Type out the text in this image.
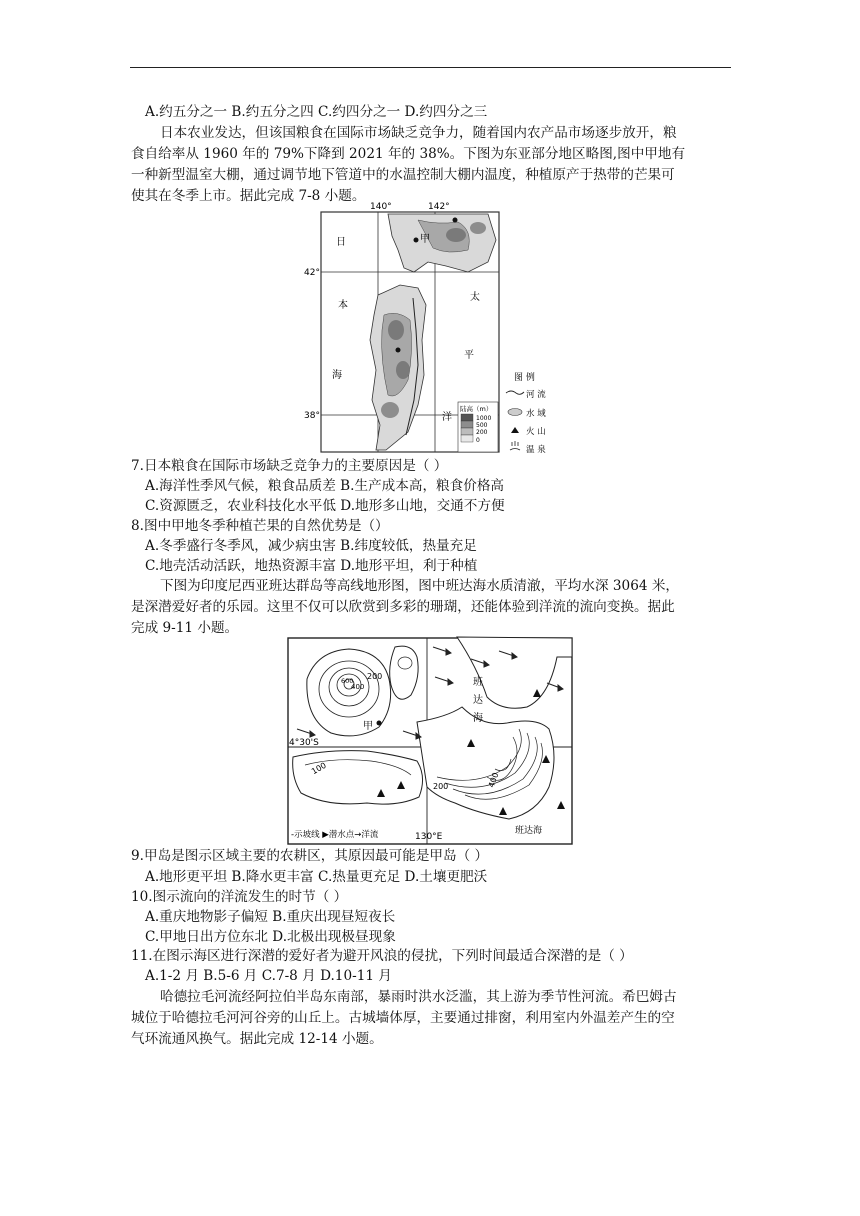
A.约五分之一 B.约五分之四 C.约四分之一 D.约四分之三
日本农业发达，但该国粮食在国际市场缺乏竞争力，随着国内农产品市场逐步放开，粮
食自给率从 1960 年的 79%下降到 2021 年的 38%。下图为东亚部分地区略图,图中甲地有
一种新型温室大棚，通过调节地下管道中的水温控制大棚内温度，种植原产于热带的芒果可
使其在冬季上市。据此完成 7-8 小题。
140°	142°
42°
38°
甲
日
本
海
太
平
洋
陆高（m）
1000
500
200
0
图 例
河 流
水 域
火 山
温 泉
7.日本粮食在国际市场缺乏竞争力的主要原因是（ ）
A.海洋性季风气候，粮食品质差 B.生产成本高，粮食价格高
C.资源匮乏，农业科技化水平低 D.地形多山地，交通不方便
8.图中甲地冬季种植芒果的自然优势是（）
A.冬季盛行冬季风，减少病虫害 B.纬度较低，热量充足
C.地壳活动活跃，地热资源丰富 D.地形平坦，利于种植
下图为印度尼西亚班达群岛等高线地形图，图中班达海水质清澈，平均水深 3064 米，
是深潜爱好者的乐园。这里不仅可以欣赏到多彩的珊瑚，还能体验到洋流的流向变换。据此
完成 9-11 小题。
200
400
600
甲
200	400
100
班
达
海
4°30'S
130°E
班达海
-示坡线 ▶潜水点→洋流
9.甲岛是图示区域主要的农耕区，其原因最可能是甲岛（ ）
A.地形更平坦 B.降水更丰富 C.热量更充足 D.土壤更肥沃
10.图示流向的洋流发生的时节（ ）
A.重庆地物影子偏短 B.重庆出现昼短夜长
C.甲地日出方位东北 D.北极出现极昼现象
11.在图示海区进行深潜的爱好者为避开风浪的侵扰，下列时间最适合深潜的是（ ）
A.1-2 月 B.5-6 月 C.7-8 月 D.10-11 月
哈德拉毛河流经阿拉伯半岛东南部，暴雨时洪水泛滥，其上游为季节性河流。希巴姆古
城位于哈德拉毛河河谷旁的山丘上。古城墙体厚，主要通过排窗，利用室内外温差产生的空
气环流通风换气。据此完成 12-14 小题。
